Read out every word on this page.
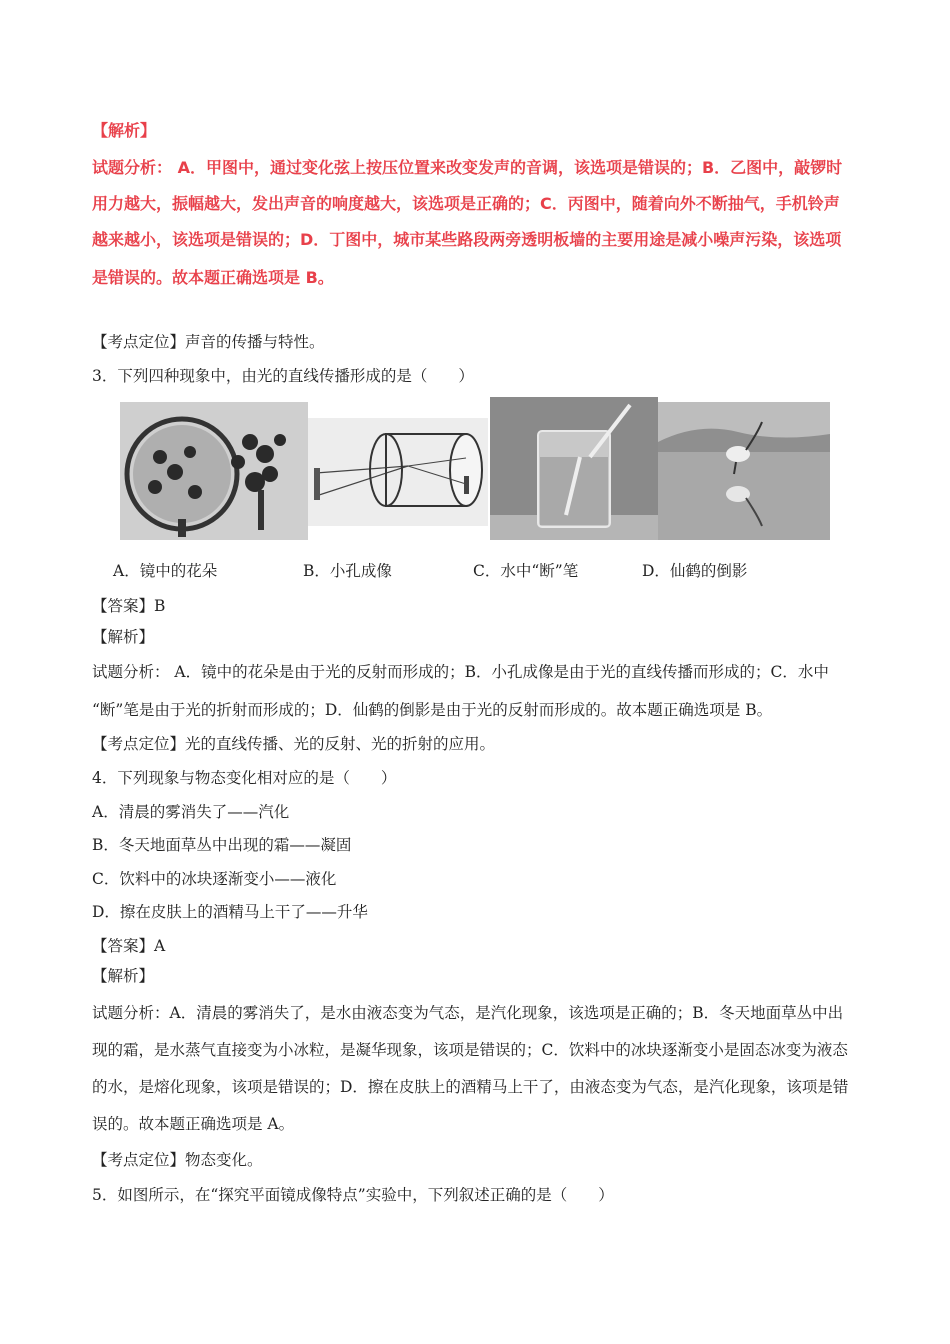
【解析】
试题分析： A．甲图中，通过变化弦上按压位置来改变发声的音调，该选项是错误的；B．乙图中，敲锣时
用力越大，振幅越大，发出声音的响度越大，该选项是正确的；C．丙图中，随着向外不断抽气，手机铃声
越来越小，该选项是错误的；D．丁图中，城市某些路段两旁透明板墙的主要用途是减小噪声污染，该选项
是错误的。故本题正确选项是 B。
【考点定位】声音的传播与特性。
3．下列四种现象中，由光的直线传播形成的是（　　）
A．镜中的花朵	B．小孔成像	C．水中“断”笔	D．仙鹤的倒影
【答案】B
【解析】
试题分析： A．镜中的花朵是由于光的反射而形成的；B．小孔成像是由于光的直线传播而形成的；C．水中
“断”笔是由于光的折射而形成的；D．仙鹤的倒影是由于光的反射而形成的。故本题正确选项是 B。
【考点定位】光的直线传播、光的反射、光的折射的应用。
4．下列现象与物态变化相对应的是（　　）
A．清晨的雾消失了——汽化
B．冬天地面草丛中出现的霜——凝固
C．饮料中的冰块逐渐变小——液化
D．擦在皮肤上的酒精马上干了——升华
【答案】A
【解析】
试题分析：A．清晨的雾消失了，是水由液态变为气态，是汽化现象，该选项是正确的；B．冬天地面草丛中出
现的霜，是水蒸气直接变为小冰粒，是凝华现象，该项是错误的；C．饮料中的冰块逐渐变小是固态冰变为液态
的水，是熔化现象，该项是错误的；D．擦在皮肤上的酒精马上干了，由液态变为气态，是汽化现象，该项是错
误的。故本题正确选项是 A。
【考点定位】物态变化。
5．如图所示，在“探究平面镜成像特点”实验中，下列叙述正确的是（　　）
